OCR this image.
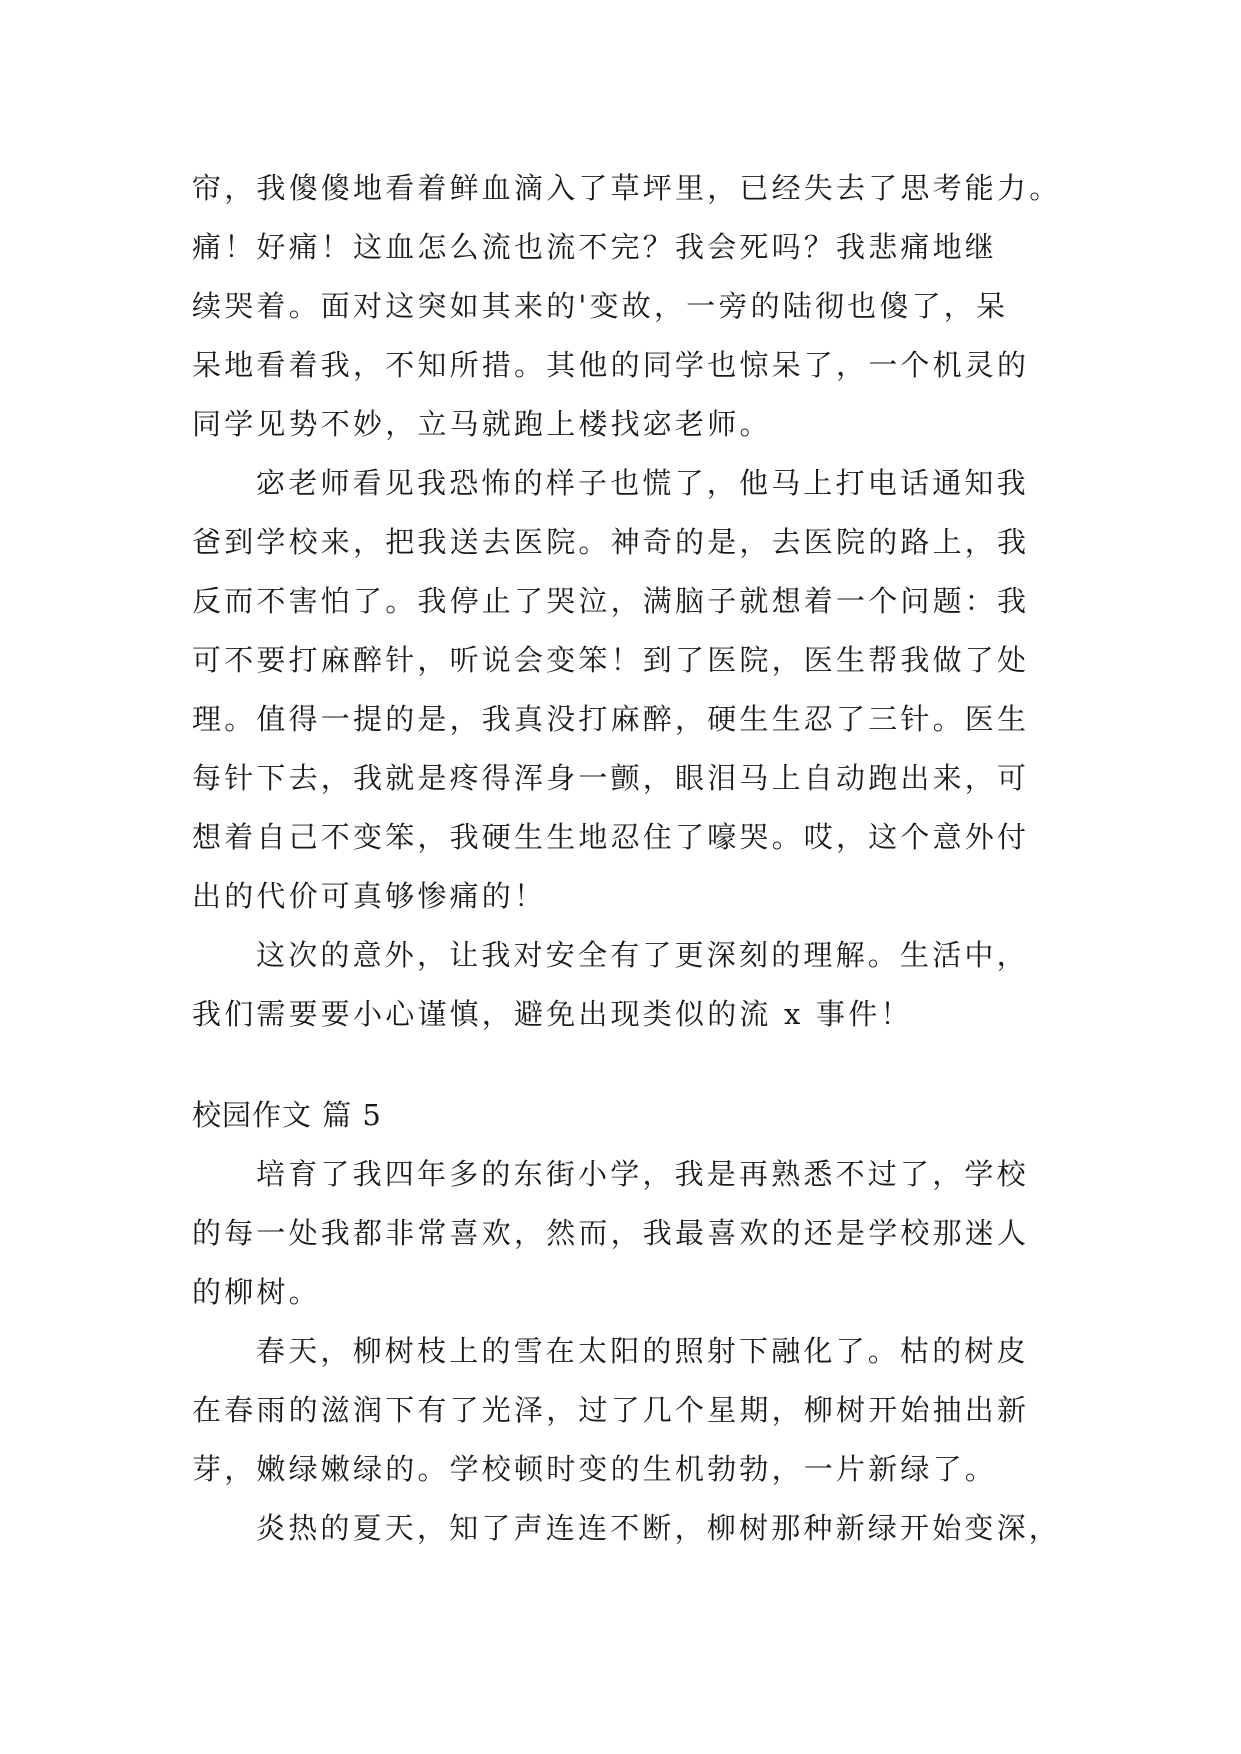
帘，我傻傻地看着鲜血滴入了草坪里，已经失去了思考能力。
痛！好痛！这血怎么流也流不完？我会死吗？我悲痛地继
续哭着。面对这突如其来的'变故，一旁的陆彻也傻了，呆
呆地看着我，不知所措。其他的同学也惊呆了，一个机灵的
同学见势不妙，立马就跑上楼找宓老师。
宓老师看见我恐怖的样子也慌了，他马上打电话通知我
爸到学校来，把我送去医院。神奇的是，去医院的路上，我
反而不害怕了。我停止了哭泣，满脑子就想着一个问题：我
可不要打麻醉针，听说会变笨！到了医院，医生帮我做了处
理。值得一提的是，我真没打麻醉，硬生生忍了三针。医生
每针下去，我就是疼得浑身一颤，眼泪马上自动跑出来，可
想着自己不变笨，我硬生生地忍住了嚎哭。哎，这个意外付
出的代价可真够惨痛的！
这次的意外，让我对安全有了更深刻的理解。生活中，
我们需要要小心谨慎，避免出现类似的流 x 事件！
校园作文 篇 5
培育了我四年多的东街小学，我是再熟悉不过了，学校
的每一处我都非常喜欢，然而，我最喜欢的还是学校那迷人
的柳树。
春天，柳树枝上的雪在太阳的照射下融化了。枯的树皮
在春雨的滋润下有了光泽，过了几个星期，柳树开始抽出新
芽，嫩绿嫩绿的。学校顿时变的生机勃勃，一片新绿了。
炎热的夏天，知了声连连不断，柳树那种新绿开始变深，
